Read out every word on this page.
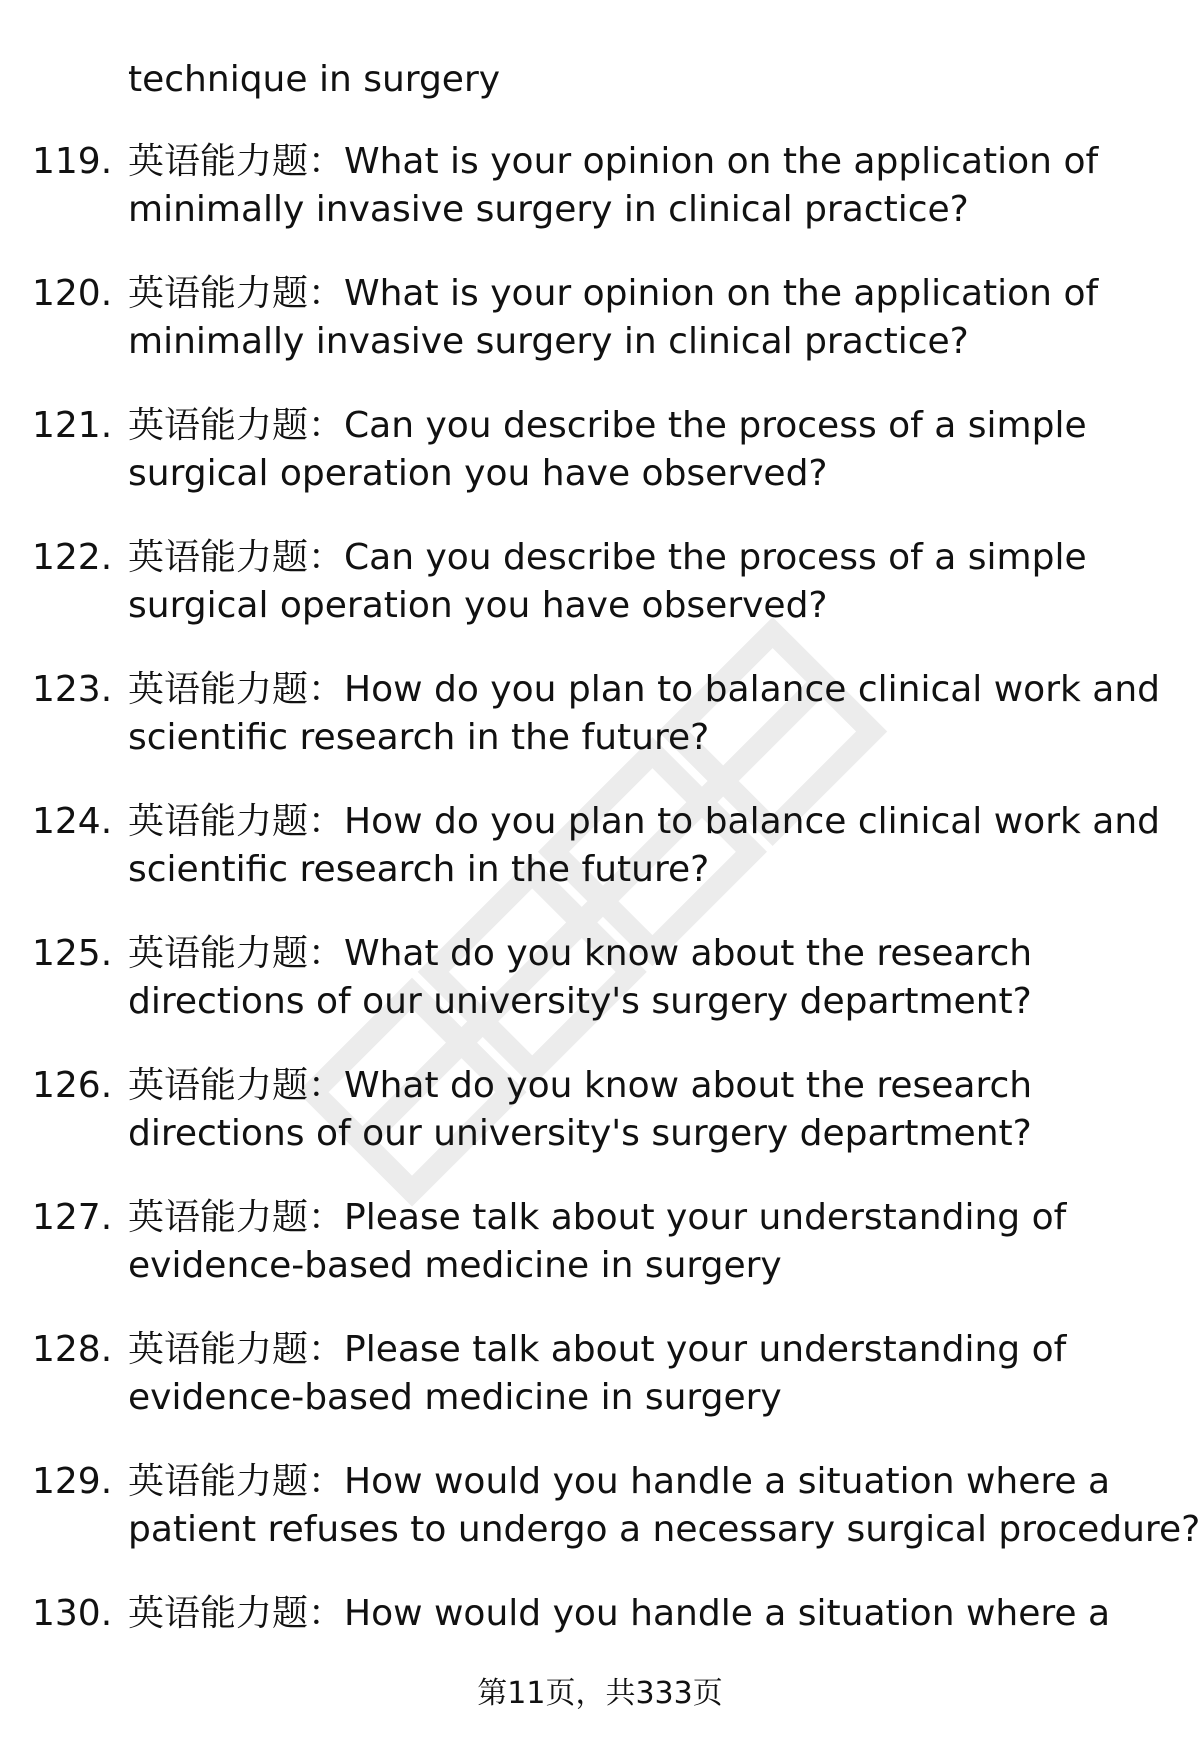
technique in surgery
119. 英语能力题：What is your opinion on the application of
minimally invasive surgery in clinical practice?
120. 英语能力题：What is your opinion on the application of
minimally invasive surgery in clinical practice?
121. 英语能力题：Can you describe the process of a simple
surgical operation you have observed?
122. 英语能力题：Can you describe the process of a simple
surgical operation you have observed?
123. 英语能力题：How do you plan to balance clinical work and
scientific research in the future?
124. 英语能力题：How do you plan to balance clinical work and
scientific research in the future?
125. 英语能力题：What do you know about the research
directions of our university's surgery department?
126. 英语能力题：What do you know about the research
directions of our university's surgery department?
127. 英语能力题：Please talk about your understanding of
evidence-based medicine in surgery
128. 英语能力题：Please talk about your understanding of
evidence-based medicine in surgery
129. 英语能力题：How would you handle a situation where a
patient refuses to undergo a necessary surgical procedure?
130. 英语能力题：How would you handle a situation where a
第11页，共333页
